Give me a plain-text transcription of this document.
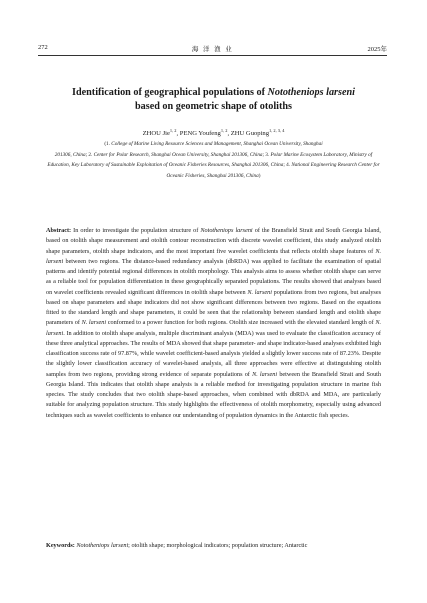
272	海 洋 渔 业	2025年
Identification of geographical populations of Nototheniops larseni
based on geometric shape of otoliths
ZHOU Jie$^{1, 2}$, PENG Youfeng$^{1, 2}$, ZHU Guoping$^{1, 2, 3, 4}$
(1. College of Marine Living Resource Sciences and Management, Shanghai Ocean University, Shanghai
201306, China; 2. Center for Polar Research, Shanghai Ocean University, Shanghai 201306, China; 3. Polar Marine Ecosystem Laboratory, Ministry of Education, Key Laboratory of Sustainable Exploitation of Oceanic Fisheries Resources, Shanghai 201306, China; 4. National Engineering Research Center for Oceanic Fisheries, Shanghai 201306, China)
Abstract: In order to investigate the population structure of Nototheniops larseni of the Bransfield Strait and South Georgia Island, based on otolith shape measurement and otolith contour reconstruction with discrete wavelet coefficient, this study analyzed otolith shape parameters, otolith shape indicators, and the most important five wavelet coefficients that reflects otolith shape features of N. larseni between two regions. The distance-based redundancy analysis (dbRDA) was applied to facilitate the examination of spatial patterns and identify potential regional differences in otolith morphology. This analysis aims to assess whether otolith shape can serve as a reliable tool for population differentiation in these geographically separated populations. The results showed that analyses based on wavelet coefficients revealed significant differences in otolith shape between N. larseni populations from two regions, but analyses based on shape parameters and shape indicators did not show significant differences between two regions. Based on the equations fitted to the standard length and shape parameters, it could be seen that the relationship between standard length and otolith shape parameters of N. larseni conformed to a power function for both regions. Otolith size increased with the elevated standard length of N. larseni. In addition to otolith shape analysis, multiple discriminant analysis (MDA) was used to evaluate the classification accuracy of these three analytical approaches. The results of MDA showed that shape parameter- and shape indicator-based analyses exhibited high classification success rate of 97.87%, while wavelet coefficient-based analysis yielded a slightly lower success rate of 87.23%. Despite the slightly lower classification accuracy of wavelet-based analysis, all three approaches were effective at distinguishing otolith samples from two regions, providing strong evidence of separate populations of N. larseni between the Bransfield Strait and South Georgia Island. This indicates that otolith shape analysis is a reliable method for investigating population structure in marine fish species. The study concludes that two otolith shape-based approaches, when combined with dbRDA and MDA, are particularly suitable for analyzing population structure. This study highlights the effectiveness of otolith morphometry, especially using advanced techniques such as wavelet coefficients to enhance our understanding of population dynamics in the Antarctic fish species.
Keywords: Nototheniops larseni; otolith shape; morphological indicators; population structure; Antarctic
